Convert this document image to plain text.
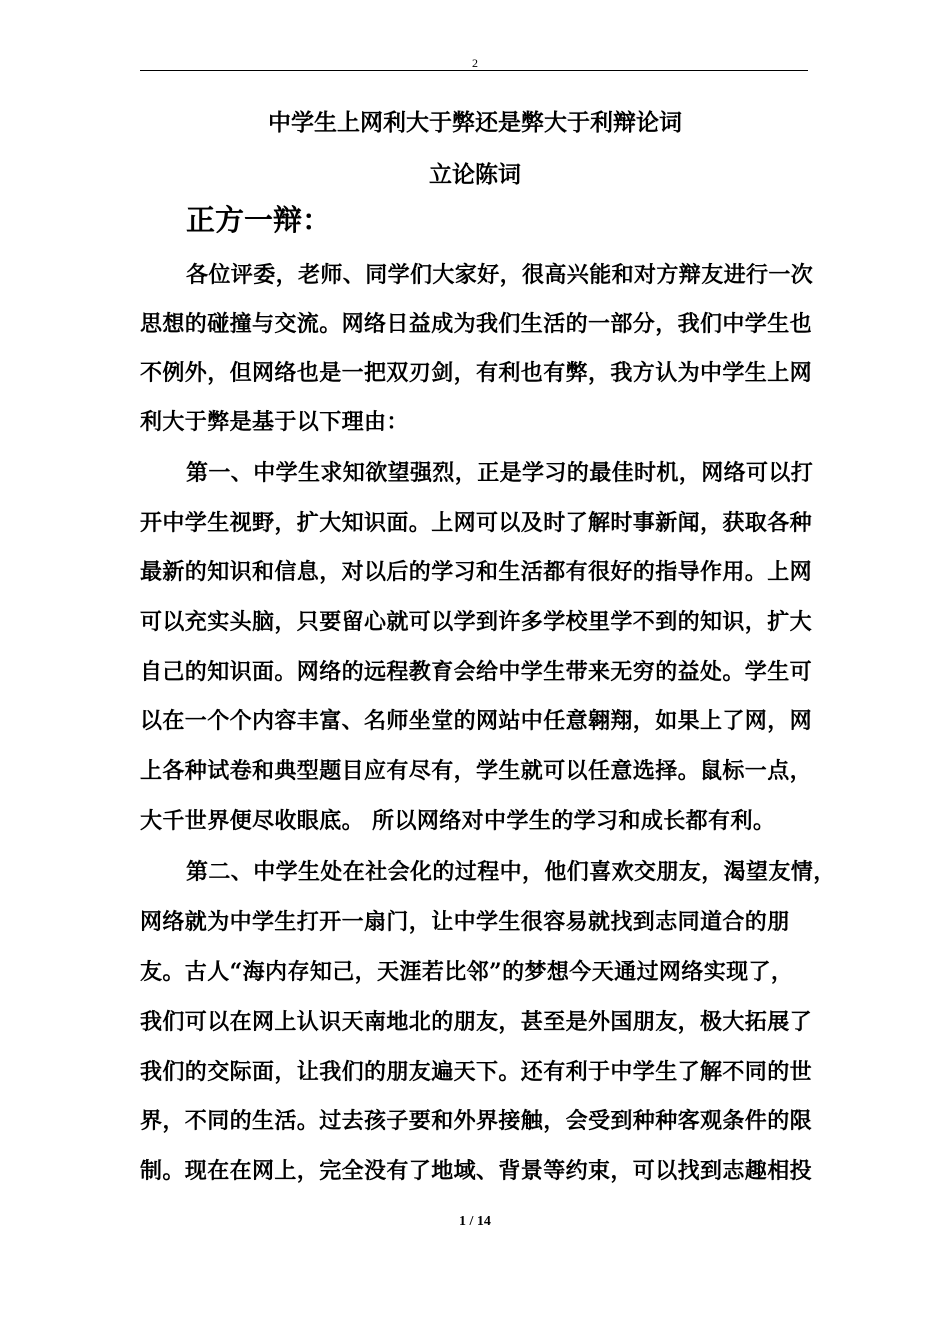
2
中学生上网利大于弊还是弊大于利辩论词
立论陈词
正方一辩：
各位评委，老师、同学们大家好，很高兴能和对方辩友进行一次
思想的碰撞与交流。网络日益成为我们生活的一部分，我们中学生也
不例外，但网络也是一把双刃剑，有利也有弊，我方认为中学生上网
利大于弊是基于以下理由：
第一、中学生求知欲望强烈，正是学习的最佳时机，网络可以打
开中学生视野，扩大知识面。上网可以及时了解时事新闻，获取各种
最新的知识和信息，对以后的学习和生活都有很好的指导作用。上网
可以充实头脑，只要留心就可以学到许多学校里学不到的知识，扩大
自己的知识面。网络的远程教育会给中学生带来无穷的益处。学生可
以在一个个内容丰富、名师坐堂的网站中任意翱翔，如果上了网，网
上各种试卷和典型题目应有尽有，学生就可以任意选择。鼠标一点，
大千世界便尽收眼底。 所以网络对中学生的学习和成长都有利。
第二、中学生处在社会化的过程中，他们喜欢交朋友，渴望友情，
网络就为中学生打开一扇门，让中学生很容易就找到志同道合的朋
友。古人“海内存知己，天涯若比邻”的梦想今天通过网络实现了，
我们可以在网上认识天南地北的朋友，甚至是外国朋友，极大拓展了
我们的交际面，让我们的朋友遍天下。还有利于中学生了解不同的世
界，不同的生活。过去孩子要和外界接触，会受到种种客观条件的限
制。现在在网上，完全没有了地域、背景等约束，可以找到志趣相投
1 / 14
